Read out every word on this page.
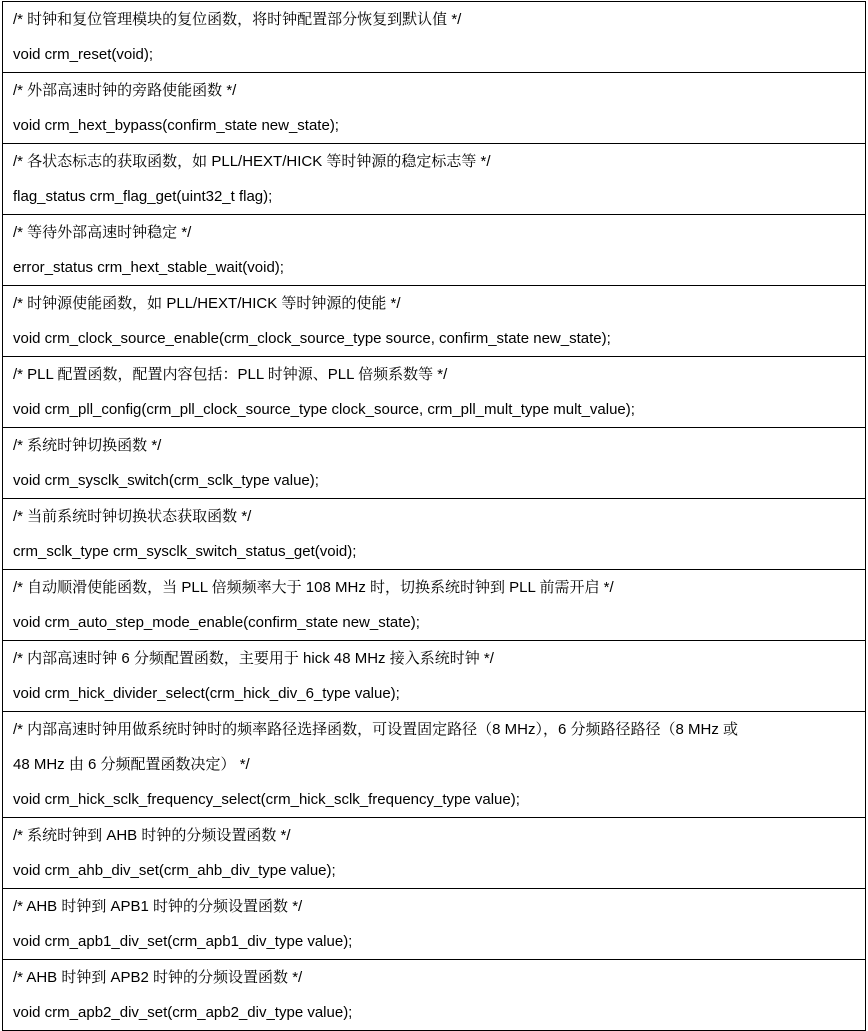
/* 时钟和复位管理模块的复位函数，将时钟配置部分恢复到默认值 */
void crm_reset(void);

/* 外部高速时钟的旁路使能函数 */
void crm_hext_bypass(confirm_state new_state);

/* 各状态标志的获取函数，如 PLL/HEXT/HICK 等时钟源的稳定标志等 */
flag_status crm_flag_get(uint32_t flag);

/* 等待外部高速时钟稳定 */
error_status crm_hext_stable_wait(void);

/* 时钟源使能函数，如 PLL/HEXT/HICK 等时钟源的使能 */
void crm_clock_source_enable(crm_clock_source_type source, confirm_state new_state);

/* PLL 配置函数，配置内容包括：PLL 时钟源、PLL 倍频系数等 */
void crm_pll_config(crm_pll_clock_source_type clock_source, crm_pll_mult_type mult_value);

/* 系统时钟切换函数 */
void crm_sysclk_switch(crm_sclk_type value);

/* 当前系统时钟切换状态获取函数 */
crm_sclk_type crm_sysclk_switch_status_get(void);

/* 自动顺滑使能函数，当 PLL 倍频频率大于 108 MHz 时，切换系统时钟到 PLL 前需开启 */
void crm_auto_step_mode_enable(confirm_state new_state);

/* 内部高速时钟 6 分频配置函数，主要用于 hick 48 MHz 接入系统时钟 */
void crm_hick_divider_select(crm_hick_div_6_type value);

/* 内部高速时钟用做系统时钟时的频率路径选择函数，可设置固定路径（8 MHz），6 分频路径路径（8 MHz 或
48 MHz 由 6 分频配置函数决定） */
void crm_hick_sclk_frequency_select(crm_hick_sclk_frequency_type value);

/* 系统时钟到 AHB 时钟的分频设置函数 */
void crm_ahb_div_set(crm_ahb_div_type value);

/* AHB 时钟到 APB1 时钟的分频设置函数 */
void crm_apb1_div_set(crm_apb1_div_type value);

/* AHB 时钟到 APB2 时钟的分频设置函数 */
void crm_apb2_div_set(crm_apb2_div_type value);
